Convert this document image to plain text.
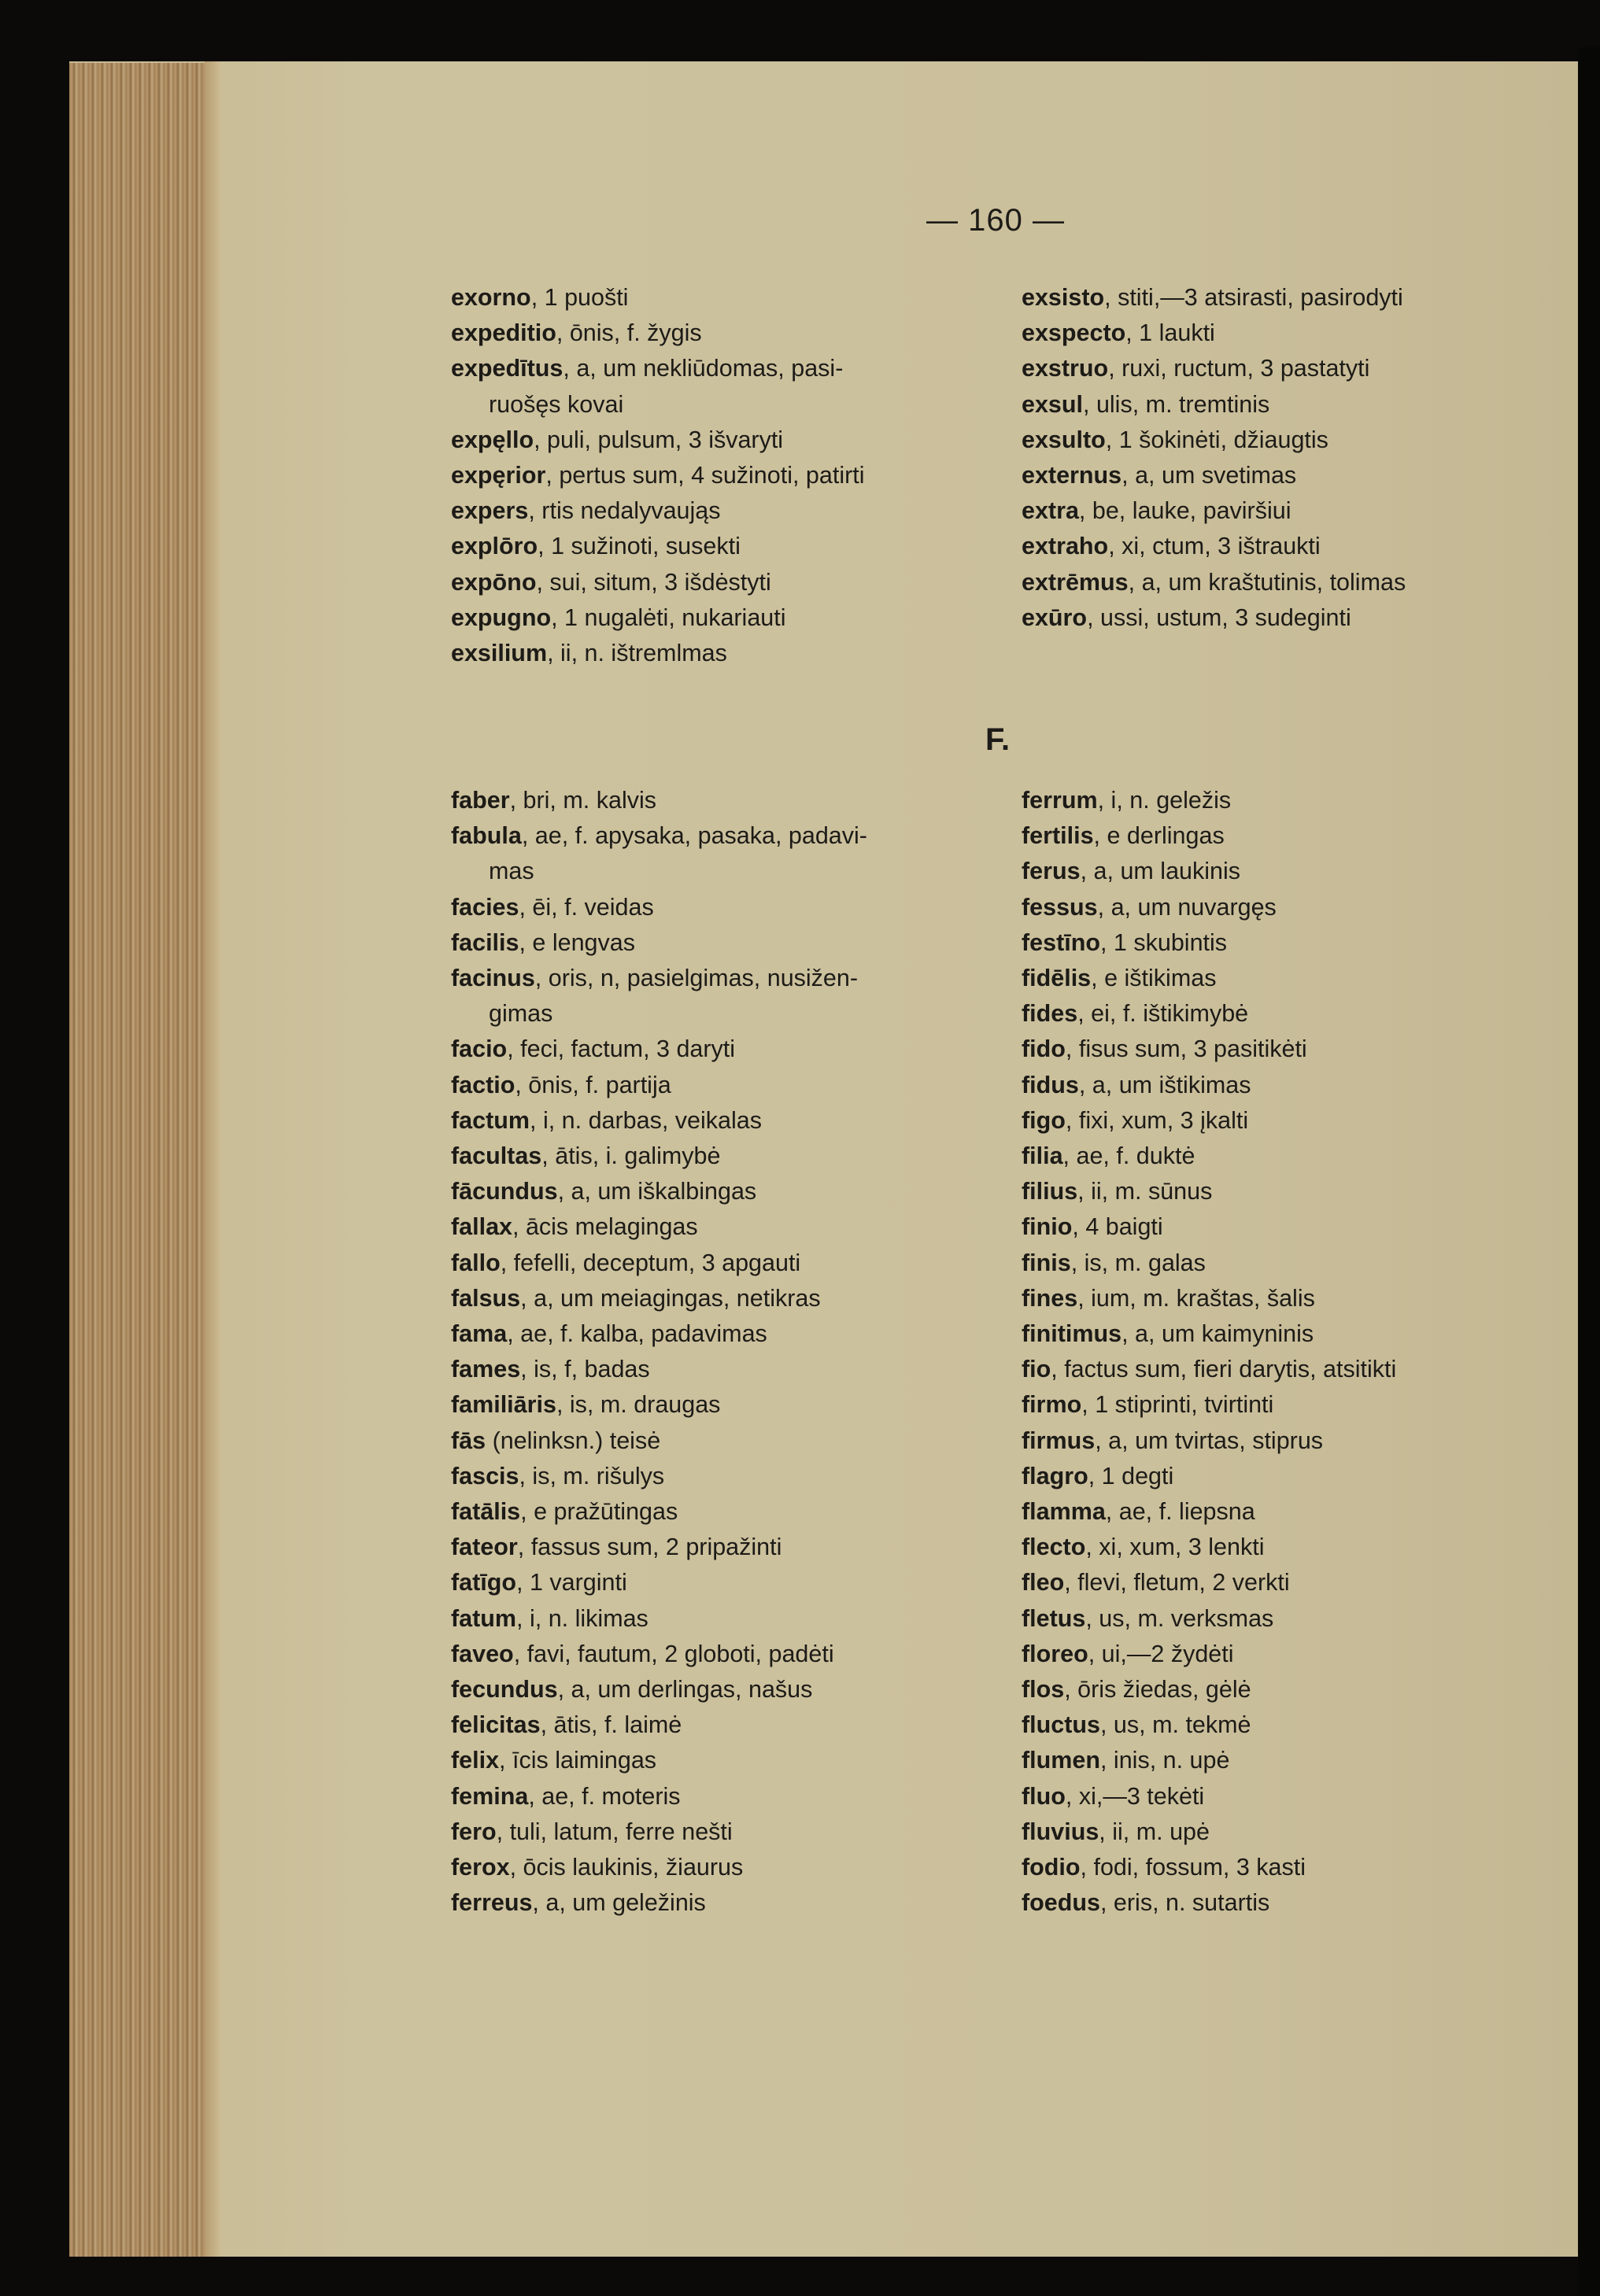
— 160 —
F.
exorno, 1 puošti
expeditio, ōnis, f. žygis
expedītus, a, um nekliūdomas, pasi-
ruošęs kovai
expęllo, puli, pulsum, 3 išvaryti
expęrior, pertus sum, 4 sužinoti, patirti
expers, rtis nedalyvaująs
explōro, 1 sužinoti, susekti
expōno, sui, situm, 3 išdėstyti
expugno, 1 nugalėti, nukariauti
exsilium, ii, n. ištremlmas
exsisto, stiti,—3 atsirasti, pasirodyti
exspecto, 1 laukti
exstruo, ruxi, ructum, 3 pastatyti
exsul, ulis, m. tremtinis
exsulto, 1 šokinėti, džiaugtis
externus, a, um svetimas
extra, be, lauke, paviršiui
extraho, xi, ctum, 3 ištraukti
extrēmus, a, um kraštutinis, tolimas
exūro, ussi, ustum, 3 sudeginti
faber, bri, m. kalvis
fabula, ae, f. apysaka, pasaka, padavi-
mas
facies, ēi, f. veidas
facilis, e lengvas
facinus, oris, n, pasielgimas, nusižen-
gimas
facio, feci, factum, 3 daryti
factio, ōnis, f. partija
factum, i, n. darbas, veikalas
facultas, ātis, i. galimybė
fācundus, a, um iškalbingas
fallax, ācis melagingas
fallo, fefelli, deceptum, 3 apgauti
falsus, a, um meiagingas, netikras
fama, ae, f. kalba, padavimas
fames, is, f, badas
familiāris, is, m. draugas
fās (nelinksn.) teisė
fascis, is, m. rišulys
fatālis, e pražūtingas
fateor, fassus sum, 2 pripažinti
fatīgo, 1 varginti
fatum, i, n. likimas
faveo, favi, fautum, 2 globoti, padėti
fecundus, a, um derlingas, našus
felicitas, ātis, f. laimė
felix, īcis laimingas
femina, ae, f. moteris
fero, tuli, latum, ferre nešti
ferox, ōcis laukinis, žiaurus
ferreus, a, um geležinis
ferrum, i, n. geležis
fertilis, e derlingas
ferus, a, um laukinis
fessus, a, um nuvargęs
festīno, 1 skubintis
fidēlis, e ištikimas
fides, ei, f. ištikimybė
fido, fisus sum, 3 pasitikėti
fidus, a, um ištikimas
figo, fixi, xum, 3 įkalti
filia, ae, f. duktė
filius, ii, m. sūnus
finio, 4 baigti
finis, is, m. galas
fines, ium, m. kraštas, šalis
finitimus, a, um kaimyninis
fio, factus sum, fieri darytis, atsitikti
firmo, 1 stiprinti, tvirtinti
firmus, a, um tvirtas, stiprus
flagro, 1 degti
flamma, ae, f. liepsna
flecto, xi, xum, 3 lenkti
fleo, flevi, fletum, 2 verkti
fletus, us, m. verksmas
floreo, ui,—2 žydėti
flos, ōris žiedas, gėlė
fluctus, us, m. tekmė
flumen, inis, n. upė
fluo, xi,—3 tekėti
fluvius, ii, m. upė
fodio, fodi, fossum, 3 kasti
foedus, eris, n. sutartis
